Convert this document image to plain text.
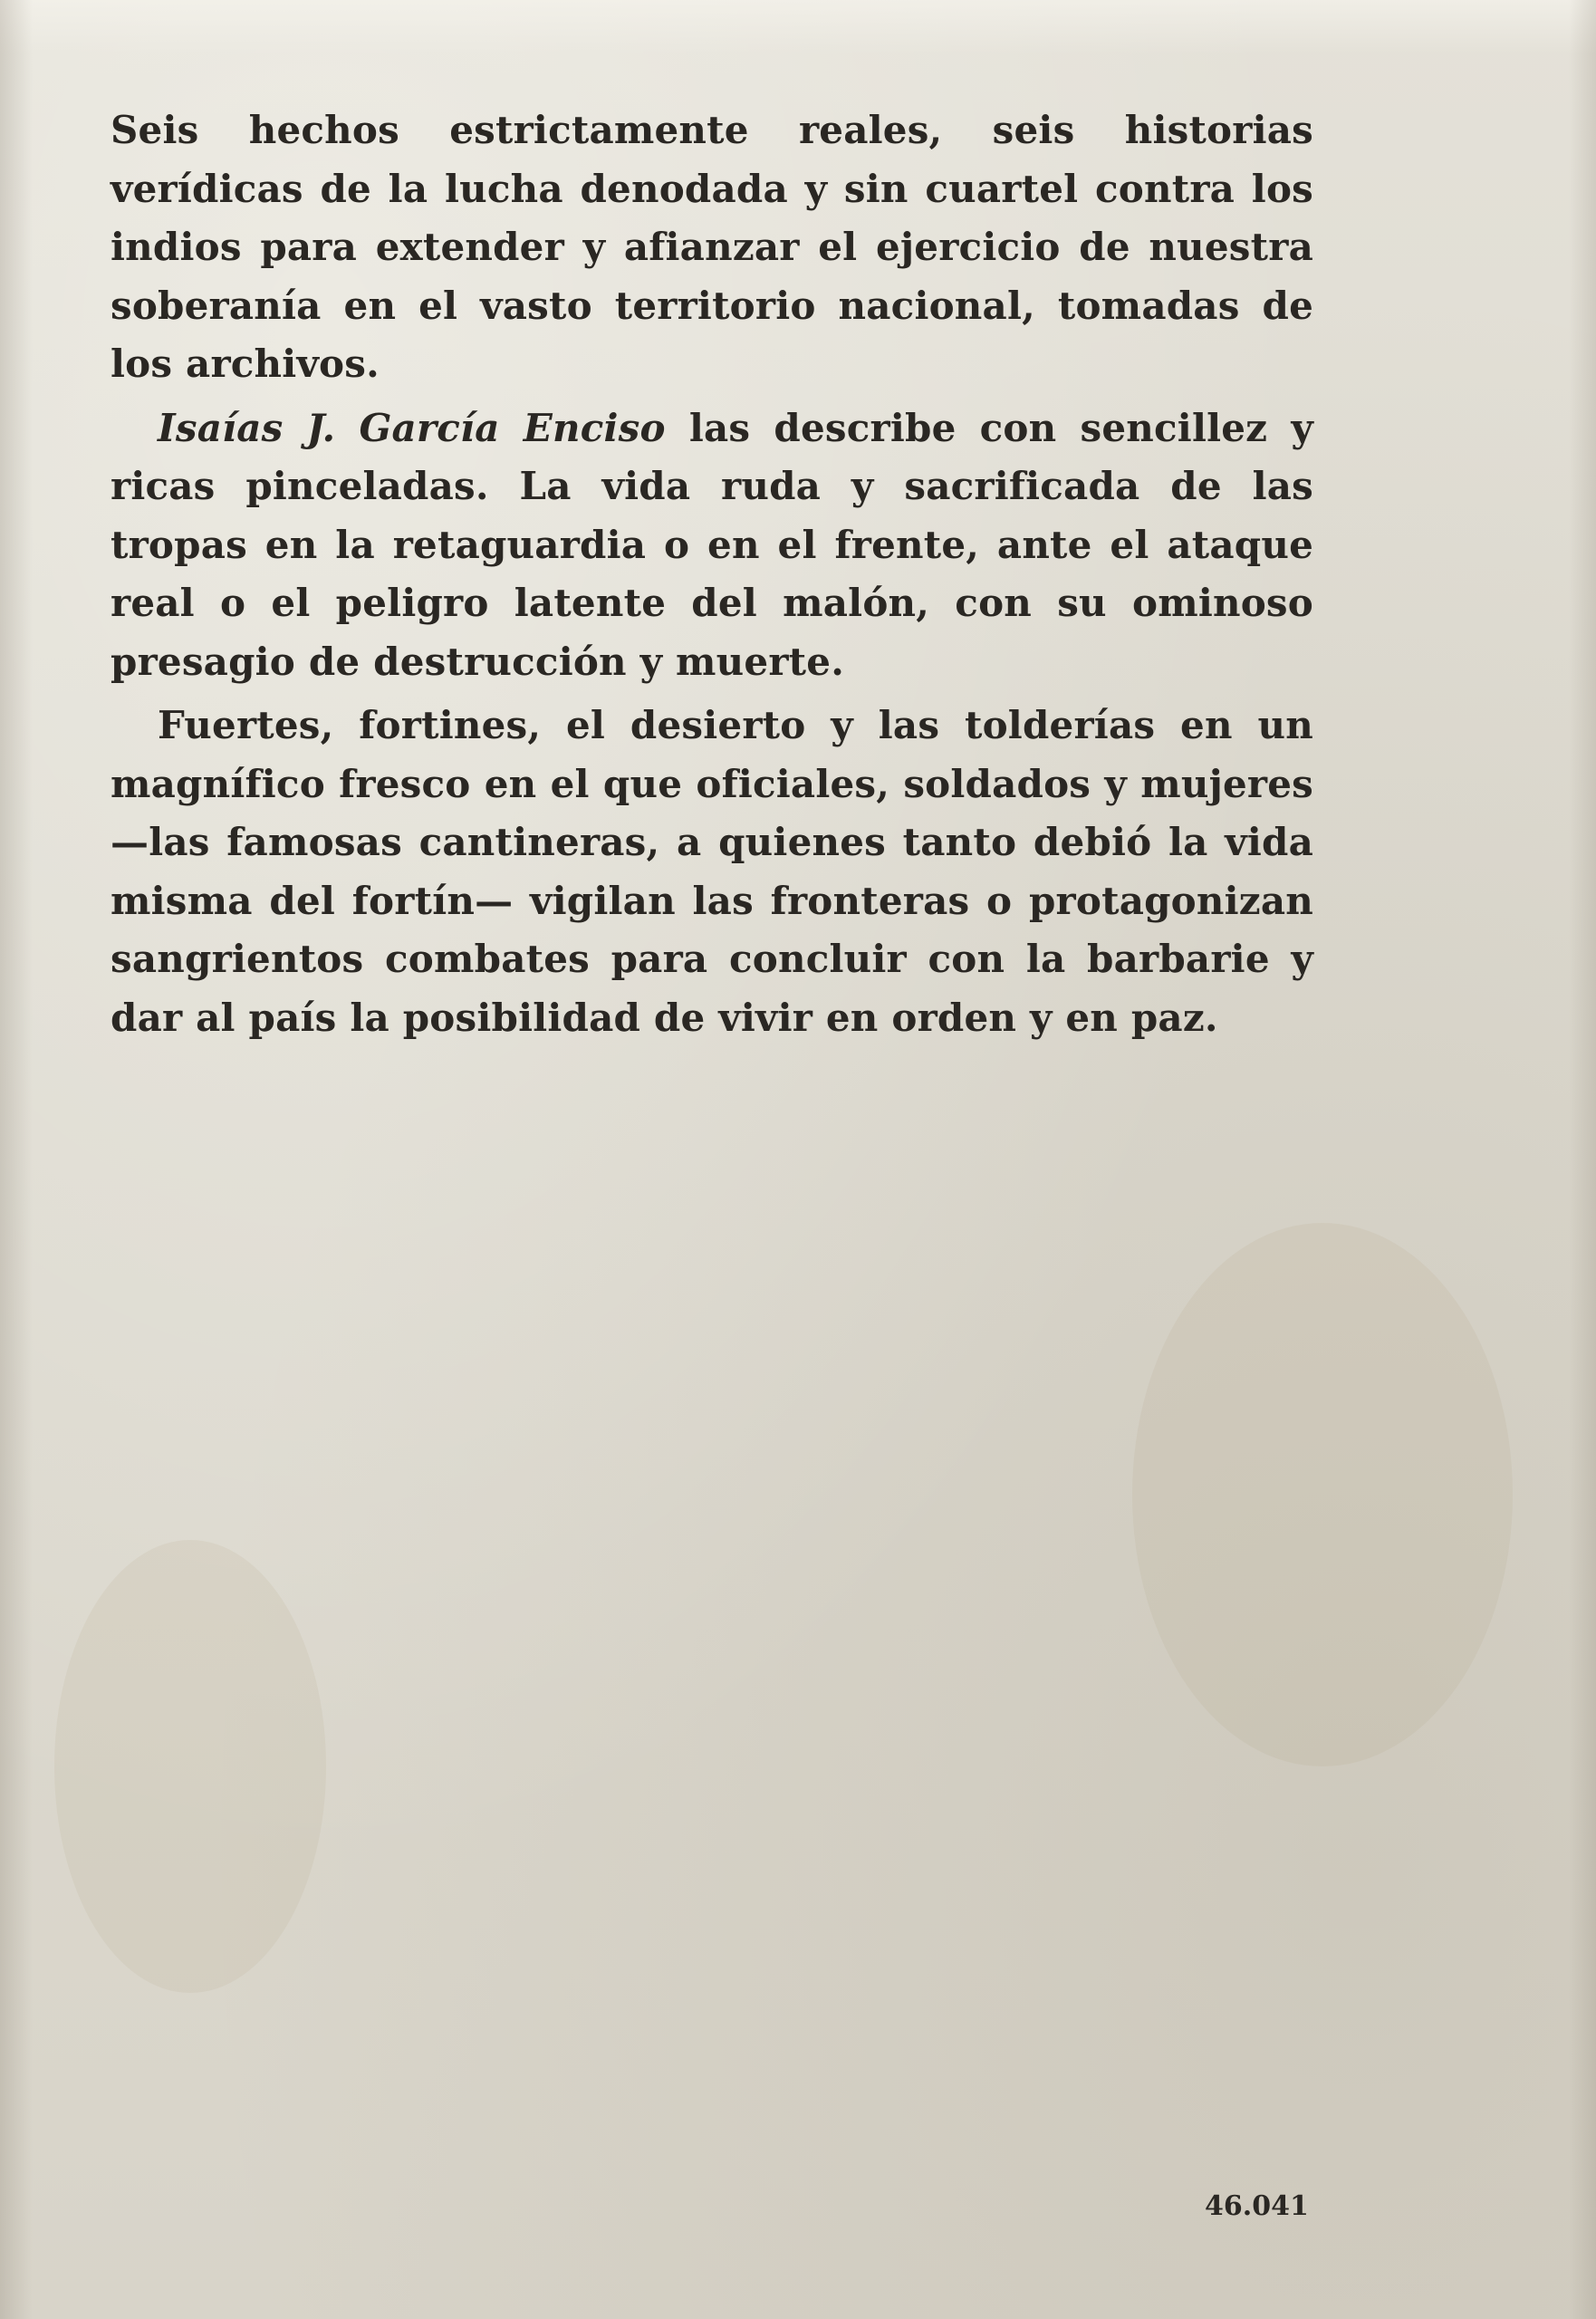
Seis hechos estrictamente reales, seis historias verídicas de la lucha denodada y sin cuartel contra los indios para extender y afianzar el ejercicio de nuestra soberanía en el vasto territorio nacional, tomadas de los archivos.

Isaías J. García Enciso las describe con sencillez y ricas pinceladas. La vida ruda y sacrificada de las tropas en la retaguardia o en el frente, ante el ataque real o el peligro latente del malón, con su ominoso presagio de destrucción y muerte.

Fuertes, fortines, el desierto y las tolderías en un magnífico fresco en el que oficiales, soldados y mujeres —las famosas cantineras, a quienes tanto debió la vida misma del fortín— vigilan las fronteras o protagonizan sangrientos combates para concluir con la barbarie y dar al país la posibilidad de vivir en orden y en paz.

46.041
